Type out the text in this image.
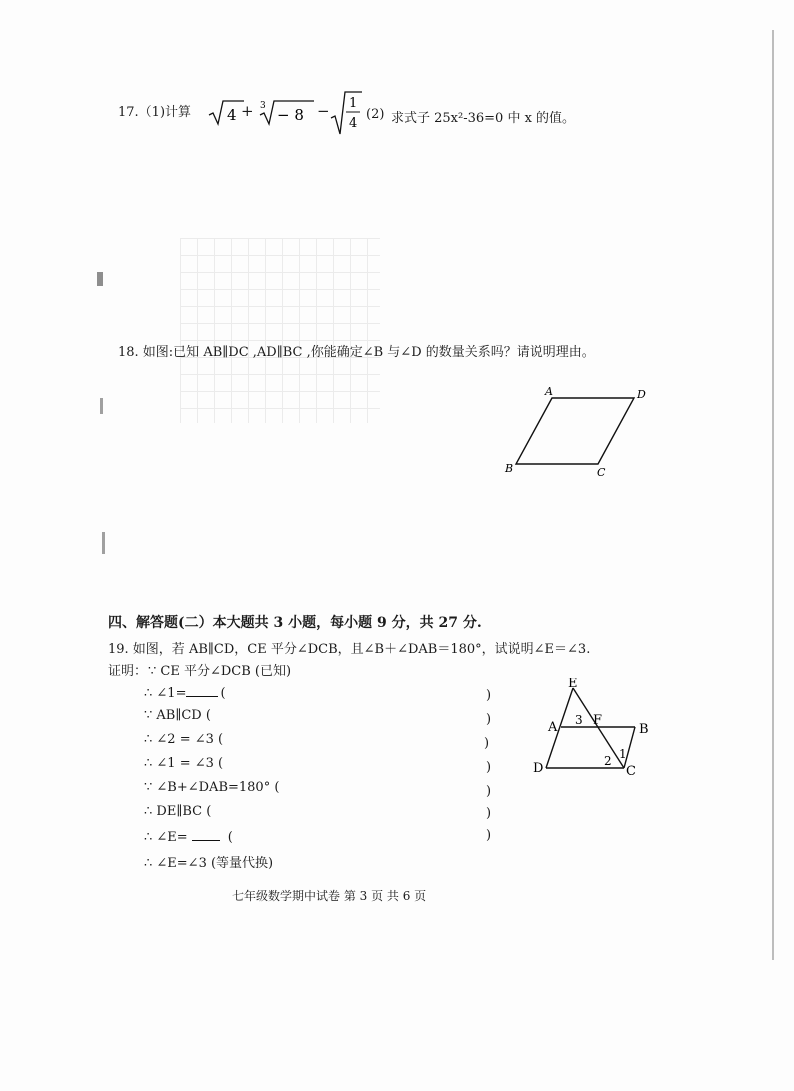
17.（1)计算 4 + 3 − 8 − 1
4
(2) 求式子 25x²-36=0 中 x 的值。
18. 如图:已知 AB∥DC ,AD∥BC ,你能确定∠B 与∠D 的数量关系吗？请说明理由。
A	D
B	C
四、解答题(二）本大题共 3 小题，每小题 9 分，共 27 分.
19. 如图，若 AB∥CD，CE 平分∠DCB，且∠B＋∠DAB＝180°，试说明∠E＝∠3.
证明： ∵ CE 平分∠DCB (已知)
∴ ∠1=	(
∵ AB∥CD (
∴ ∠2 = ∠3 (
∴ ∠1 = ∠3 (
∵ ∠B+∠DAB=180° (
∴ DE∥BC (
∴ ∠E=	(
∴ ∠E=∠3 (等量代换)
)
)
)
)
)
)
)
E
A 3 F
B
D	2 1
C
七年级数学期中试卷 第 3 页 共 6 页
